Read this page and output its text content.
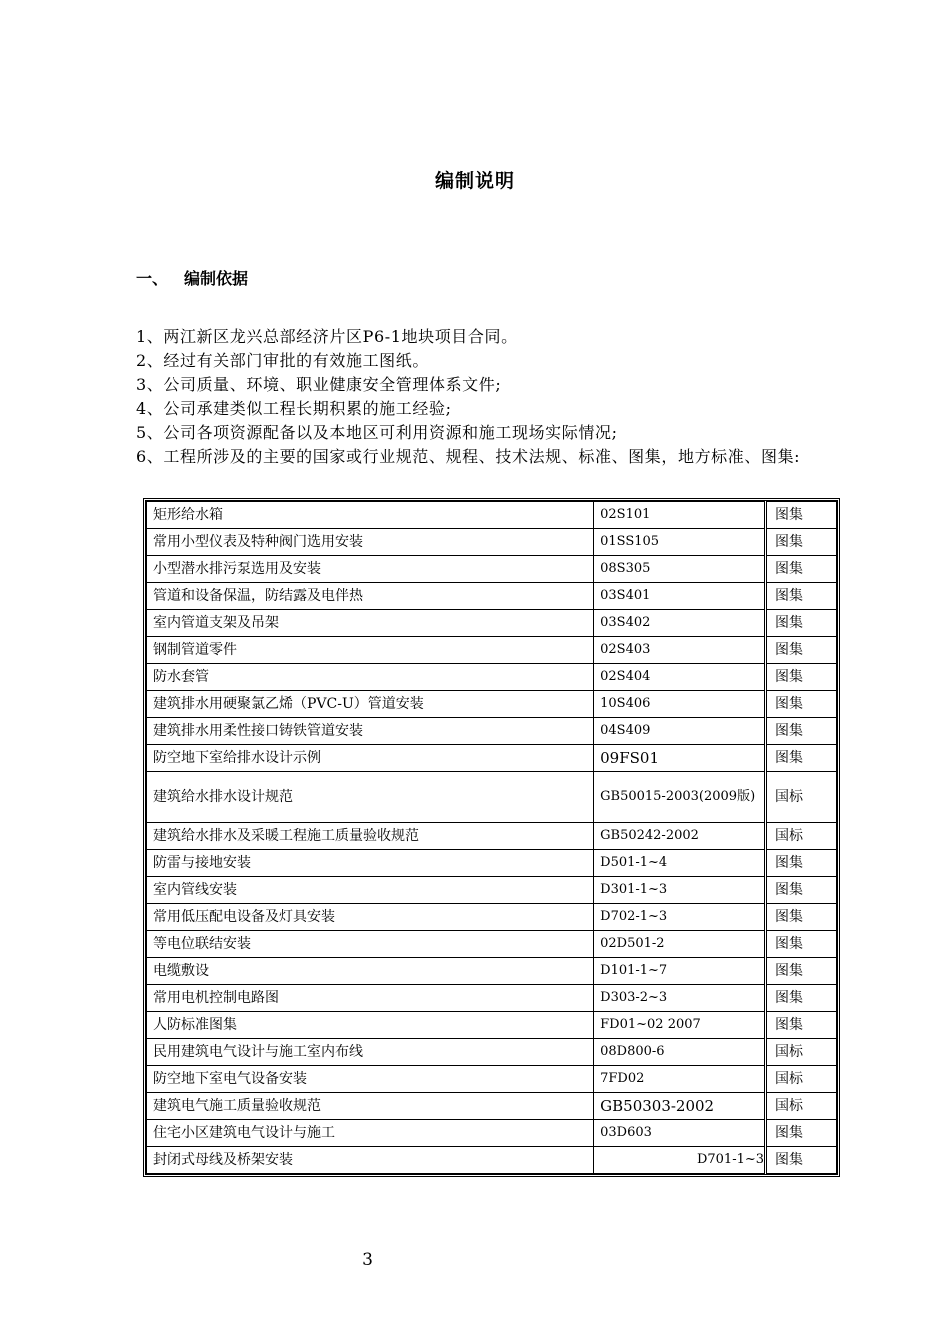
编制说明
一、 编制依据

1、两江新区龙兴总部经济片区P6-1地块项目合同。

2、经过有关部门审批的有效施工图纸。

3、公司质量、环境、职业健康安全管理体系文件;

4、公司承建类似工程长期积累的施工经验;

5、公司各项资源配备以及本地区可利用资源和施工现场实际情况;

6、工程所涉及的主要的国家或行业规范、规程、技术法规、标准、图集，地方标准、图集:

矩形给水箱	02S101	图集
常用小型仪表及特种阀门选用安装	01SS105	图集
小型潜水排污泵选用及安装	08S305	图集
管道和设备保温，防结露及电伴热	03S401	图集
室内管道支架及吊架	03S402	图集
钢制管道零件	02S403	图集
防水套管	02S404	图集
建筑排水用硬聚氯乙烯（PVC-U）管道安装	10S406	图集
建筑排水用柔性接口铸铁管道安装	04S409	图集
防空地下室给排水设计示例	09FS01	图集
建筑给水排水设计规范	GB50015-2003(2009版)	国标
建筑给水排水及采暖工程施工质量验收规范	GB50242-2002	国标
防雷与接地安装	D501-1~4	图集
室内管线安装	D301-1~3	图集
常用低压配电设备及灯具安装	D702-1~3	图集
等电位联结安装	02D501-2	图集
电缆敷设	D101-1~7	图集
常用电机控制电路图	D303-2~3	图集
人防标准图集	FD01~02 2007	图集
民用建筑电气设计与施工室内布线	08D800-6	国标
防空地下室电气设备安装	7FD02	国标
建筑电气施工质量验收规范	GB50303-2002	国标
住宅小区建筑电气设计与施工	03D603	图集
封闭式母线及桥架安装	D701-1~3	图集
3
